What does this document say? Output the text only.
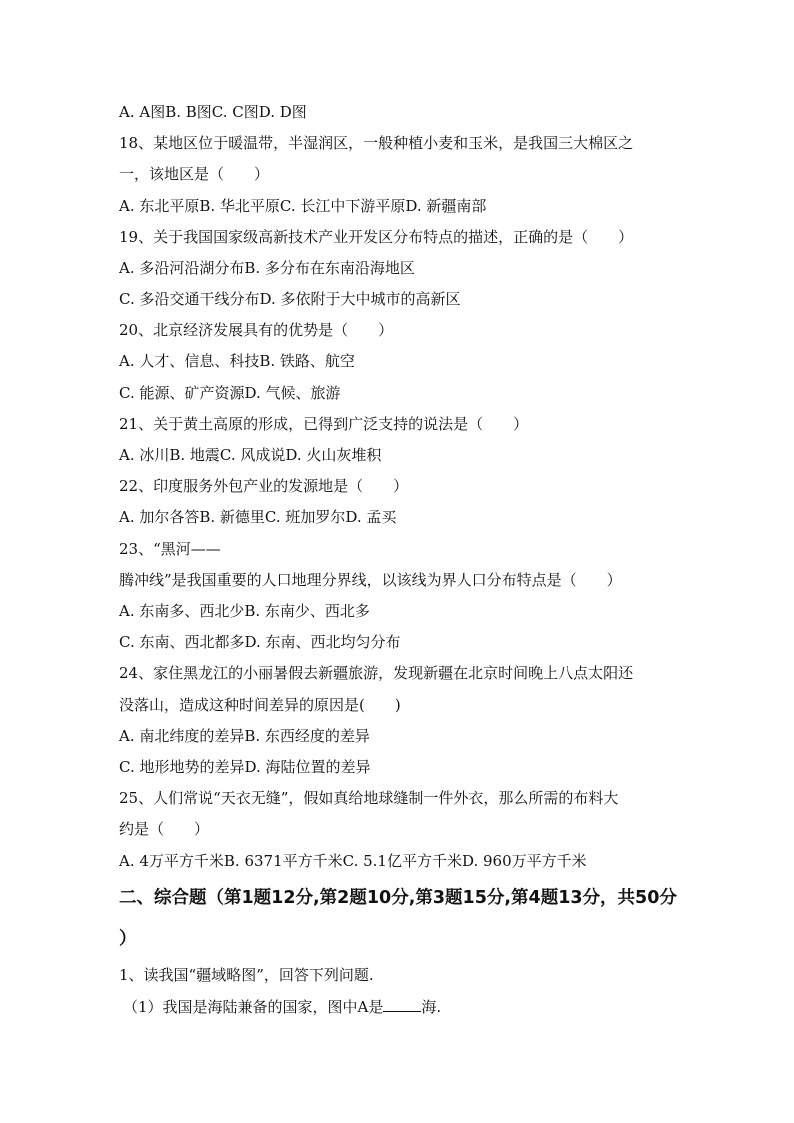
A. A图B. B图C. C图D. D图
18、某地区位于暖温带，半湿润区，一般种植小麦和玉米，是我国三大棉区之
一，该地区是（　　）
A. 东北平原B. 华北平原C. 长江中下游平原D. 新疆南部
19、关于我国国家级高新技术产业开发区分布特点的描述，正确的是（　　）
A. 多沿河沿湖分布B. 多分布在东南沿海地区
C. 多沿交通干线分布D. 多依附于大中城市的高新区
20、北京经济发展具有的优势是（　　）
A. 人才、信息、科技B. 铁路、航空
C. 能源、矿产资源D. 气候、旅游
21、关于黄土高原的形成，已得到广泛支持的说法是（　　）
A. 冰川B. 地震C. 风成说D. 火山灰堆积
22、印度服务外包产业的发源地是（　　）
A. 加尔各答B. 新德里C. 班加罗尔D. 孟买
23、“黑河——
腾冲线”是我国重要的人口地理分界线，以该线为界人口分布特点是（　　）
A. 东南多、西北少B. 东南少、西北多
C. 东南、西北都多D. 东南、西北均匀分布
24、家住黑龙江的小丽暑假去新疆旅游，发现新疆在北京时间晚上八点太阳还
没落山，造成这种时间差异的原因是(　　)
A. 南北纬度的差异B. 东西经度的差异
C. 地形地势的差异D. 海陆位置的差异
25、人们常说“天衣无缝”，假如真给地球缝制一件外衣，那么所需的布料大
约是（　　）
A. 4万平方千米B. 6371平方千米C. 5.1亿平方千米D. 960万平方千米
二、综合题（第1题12分,第2题10分,第3题15分,第4题13分，共50分
）
1、读我国“疆域略图”，回答下列问题.
（1）我国是海陆兼备的国家，图中A是	海.
